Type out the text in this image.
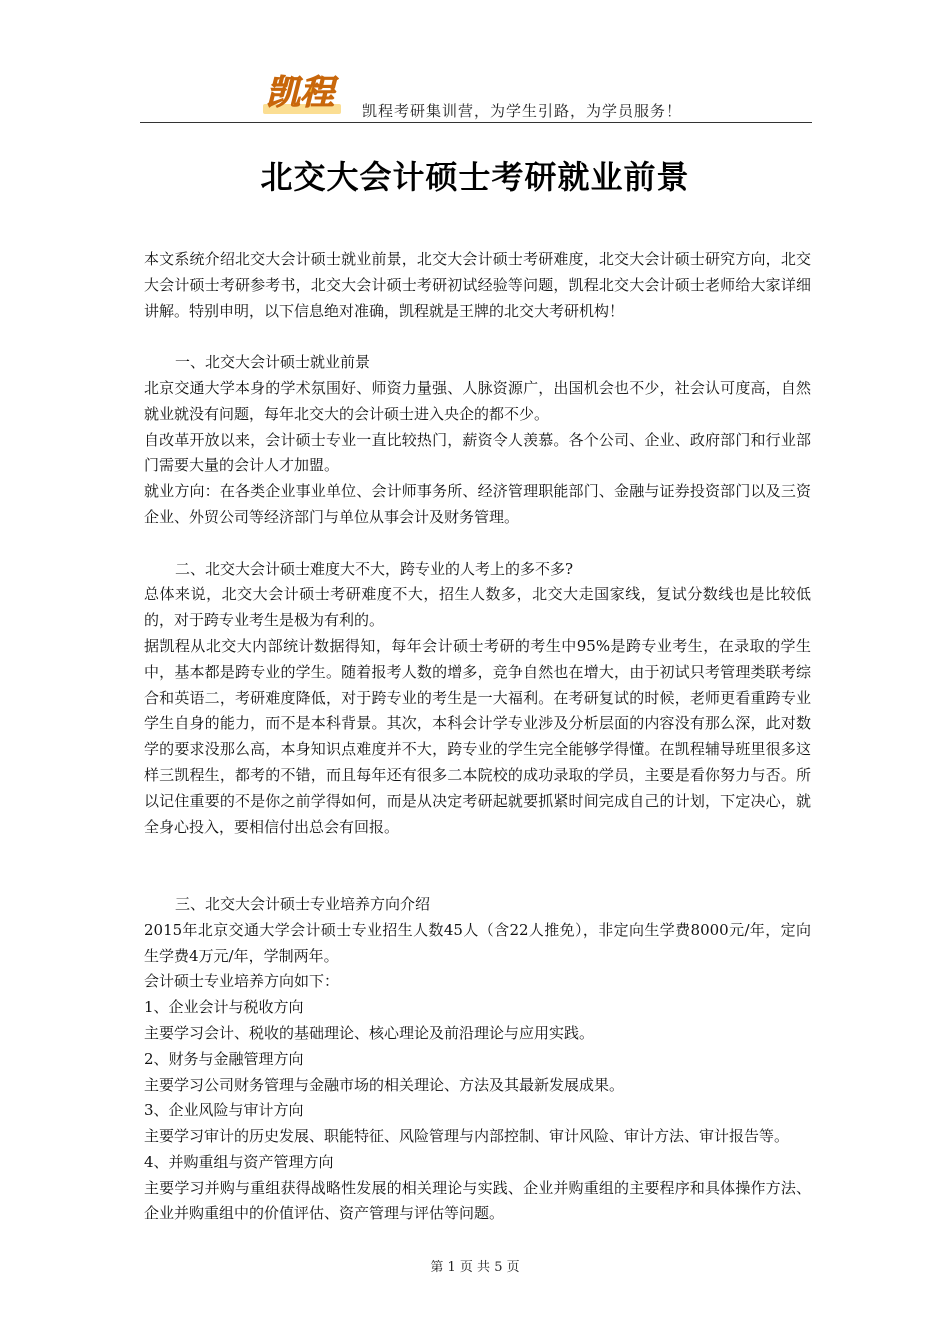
凯程	凯程考研集训营，为学生引路，为学员服务！
北交大会计硕士考研就业前景

本文系统介绍北交大会计硕士就业前景，北交大会计硕士考研难度，北交大会计硕士研究方向，北交大会计硕士考研参考书，北交大会计硕士考研初试经验等问题，凯程北交大会计硕士老师给大家详细讲解。特别申明，以下信息绝对准确，凯程就是王牌的北交大考研机构！

一、北交大会计硕士就业前景

北京交通大学本身的学术氛围好、师资力量强、人脉资源广，出国机会也不少，社会认可度高，自然就业就没有问题，每年北交大的会计硕士进入央企的都不少。

自改革开放以来，会计硕士专业一直比较热门，薪资令人羡慕。各个公司、企业、政府部门和行业部门需要大量的会计人才加盟。

就业方向：在各类企业事业单位、会计师事务所、经济管理职能部门、金融与证券投资部门以及三资企业、外贸公司等经济部门与单位从事会计及财务管理。

二、北交大会计硕士难度大不大，跨专业的人考上的多不多?

总体来说，北交大会计硕士考研难度不大，招生人数多，北交大走国家线，复试分数线也是比较低的，对于跨专业考生是极为有利的。

据凯程从北交大内部统计数据得知，每年会计硕士考研的考生中95%是跨专业考生，在录取的学生中，基本都是跨专业的学生。随着报考人数的增多，竞争自然也在增大，由于初试只考管理类联考综合和英语二，考研难度降低，对于跨专业的考生是一大福利。在考研复试的时候，老师更看重跨专业学生自身的能力，而不是本科背景。其次，本科会计学专业涉及分析层面的内容没有那么深，此对数学的要求没那么高，本身知识点难度并不大，跨专业的学生完全能够学得懂。在凯程辅导班里很多这样三凯程生，都考的不错，而且每年还有很多二本院校的成功录取的学员，主要是看你努力与否。所以记住重要的不是你之前学得如何，而是从决定考研起就要抓紧时间完成自己的计划，下定决心，就全身心投入，要相信付出总会有回报。

三、北交大会计硕士专业培养方向介绍

2015年北京交通大学会计硕士专业招生人数45人（含22人推免），非定向生学费8000元/年，定向生学费4万元/年，学制两年。

会计硕士专业培养方向如下：

1、企业会计与税收方向

主要学习会计、税收的基础理论、核心理论及前沿理论与应用实践。

2、财务与金融管理方向

主要学习公司财务管理与金融市场的相关理论、方法及其最新发展成果。

3、企业风险与审计方向

主要学习审计的历史发展、职能特征、风险管理与内部控制、审计风险、审计方法、审计报告等。

4、并购重组与资产管理方向

主要学习并购与重组获得战略性发展的相关理论与实践、企业并购重组的主要程序和具体操作方法、企业并购重组中的价值评估、资产管理与评估等问题。

第 1 页 共 5 页
